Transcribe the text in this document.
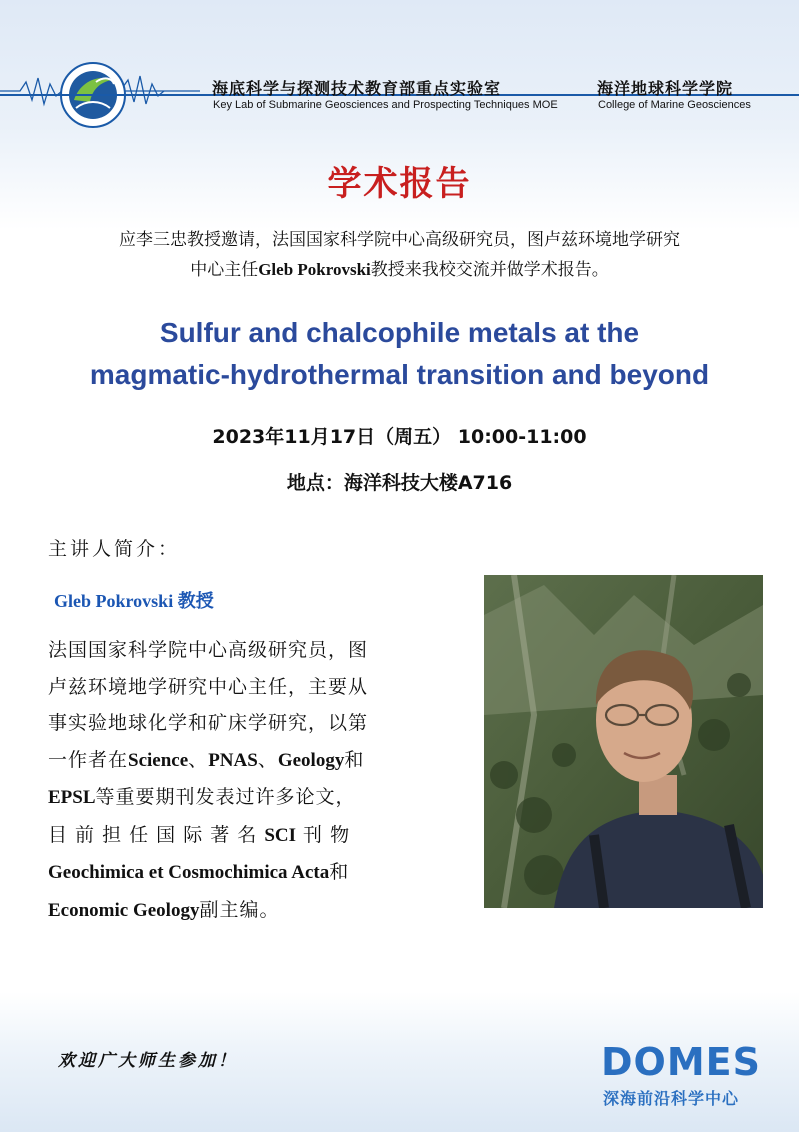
海底科学与探测技术教育部重点实验室
Key Lab of Submarine Geosciences and Prospecting Techniques MOE
海洋地球科学学院
College of Marine Geosciences
学术报告
应李三忠教授邀请，法国国家科学院中心高级研究员，图卢兹环境地学研究
中心主任Gleb Pokrovski教授来我校交流并做学术报告。
Sulfur and chalcophile metals at the
magmatic-hydrothermal transition and beyond
2023年11月17日（周五） 10:00-11:00
地点：海洋科技大楼A716
主讲人简介：
Gleb Pokrovski 教授
法国国家科学院中心高级研究员，图
卢兹环境地学研究中心主任，主要从
事实验地球化学和矿床学研究，以第
一作者在Science、PNAS、Geology和
EPSL等重要期刊发表过许多论文，
目 前 担 任 国 际 著 名 SCI 刊 物
Geochimica et Cosmochimica Acta和
Economic Geology副主编。
欢迎广大师生参加！	DOMES
深海前沿科学中心
